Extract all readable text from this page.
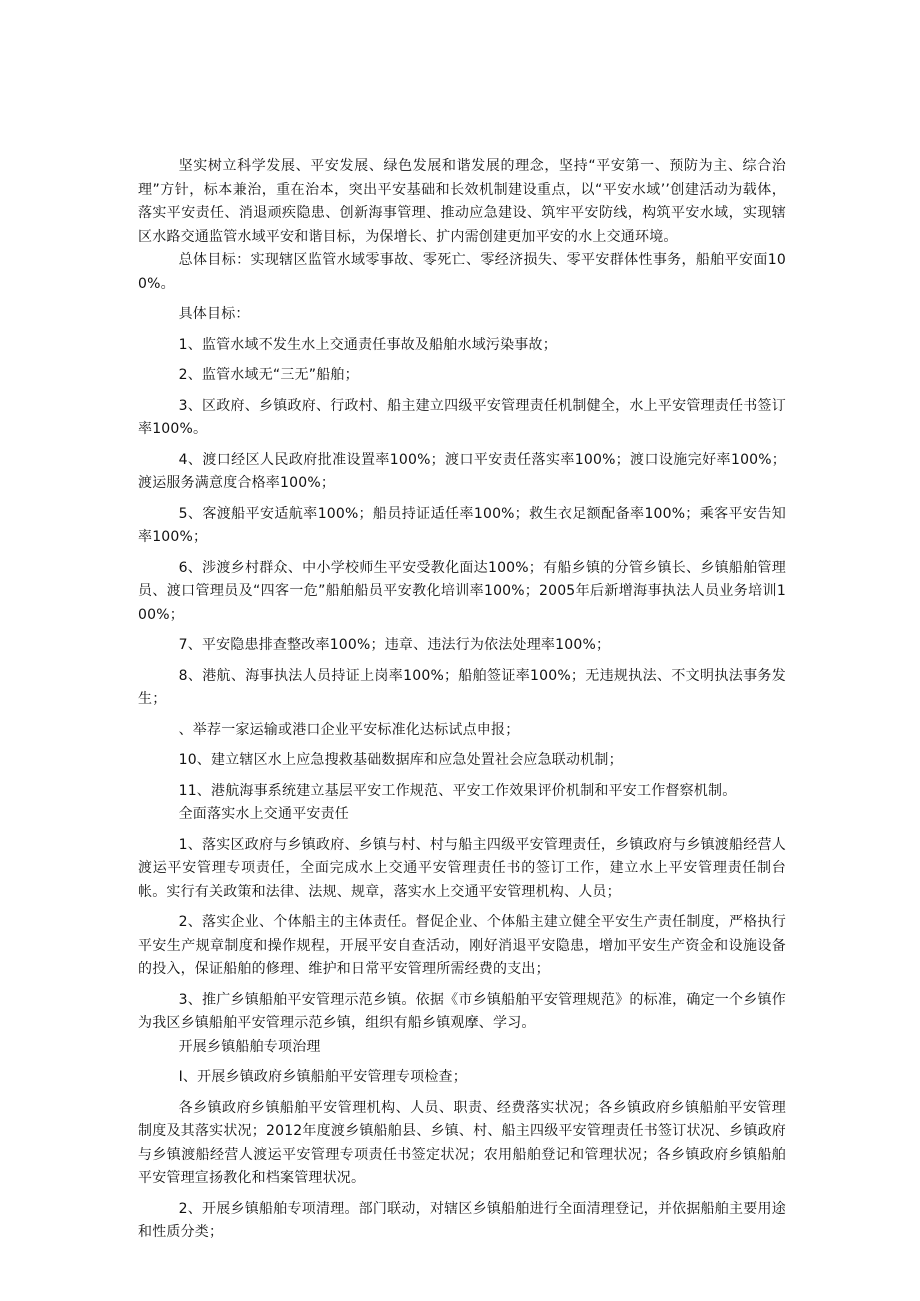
坚实树立科学发展、平安发展、绿色发展和谐发展的理念，坚持“平安第一、预防为主、综合治理”方针，标本兼治，重在治本，突出平安基础和长效机制建设重点，以“平安水域’’创建活动为载体，落实平安责任、消退顽疾隐患、创新海事管理、推动应急建设、筑牢平安防线，构筑平安水域，实现辖区水路交通监管水域平安和谐目标，为保增长、扩内需创建更加平安的水上交通环境。

总体目标：实现辖区监管水域零事故、零死亡、零经济损失、零平安群体性事务，船舶平安面100%。

具体目标：

1、监管水域不发生水上交通责任事故及船舶水域污染事故；

2、监管水域无“三无”船舶；

3、区政府、乡镇政府、行政村、船主建立四级平安管理责任机制健全，水上平安管理责任书签订率100%。

4、渡口经区人民政府批准设置率100%；渡口平安责任落实率100%；渡口设施完好率100%；渡运服务满意度合格率100%；

5、客渡船平安适航率100%；船员持证适任率100%；救生衣足额配备率100%；乘客平安告知率100%；

6、涉渡乡村群众、中小学校师生平安受教化面达100%；有船乡镇的分管乡镇长、乡镇船舶管理员、渡口管理员及“四客一危”船舶船员平安教化培训率100%；2005年后新增海事执法人员业务培训100%；

7、平安隐患排查整改率100%；违章、违法行为依法处理率100%；

8、港航、海事执法人员持证上岗率100%；船舶签证率100%；无违规执法、不文明执法事务发生；

、举荐一家运输或港口企业平安标准化达标试点申报；

10、建立辖区水上应急搜救基础数据库和应急处置社会应急联动机制；

11、港航海事系统建立基层平安工作规范、平安工作效果评价机制和平安工作督察机制。

全面落实水上交通平安责任

1、落实区政府与乡镇政府、乡镇与村、村与船主四级平安管理责任，乡镇政府与乡镇渡船经营人渡运平安管理专项责任，全面完成水上交通平安管理责任书的签订工作，建立水上平安管理责任制台帐。实行有关政策和法律、法规、规章，落实水上交通平安管理机构、人员；

2、落实企业、个体船主的主体责任。督促企业、个体船主建立健全平安生产责任制度，严格执行平安生产规章制度和操作规程，开展平安自查活动，刚好消退平安隐患，增加平安生产资金和设施设备的投入，保证船舶的修理、维护和日常平安管理所需经费的支出；

3、推广乡镇船舶平安管理示范乡镇。依据《市乡镇船舶平安管理规范》的标准，确定一个乡镇作为我区乡镇船舶平安管理示范乡镇，组织有船乡镇观摩、学习。

开展乡镇船舶专项治理

I、开展乡镇政府乡镇船舶平安管理专项检查；

各乡镇政府乡镇船舶平安管理机构、人员、职责、经费落实状况；各乡镇政府乡镇船舶平安管理制度及其落实状况；2012年度渡乡镇船舶县、乡镇、村、船主四级平安管理责任书签订状况、乡镇政府与乡镇渡船经营人渡运平安管理专项责任书签定状况；农用船舶登记和管理状况；各乡镇政府乡镇船舶平安管理宣扬教化和档案管理状况。

2、开展乡镇船舶专项清理。部门联动，对辖区乡镇船舶进行全面清理登记，并依据船舶主要用途和性质分类；
